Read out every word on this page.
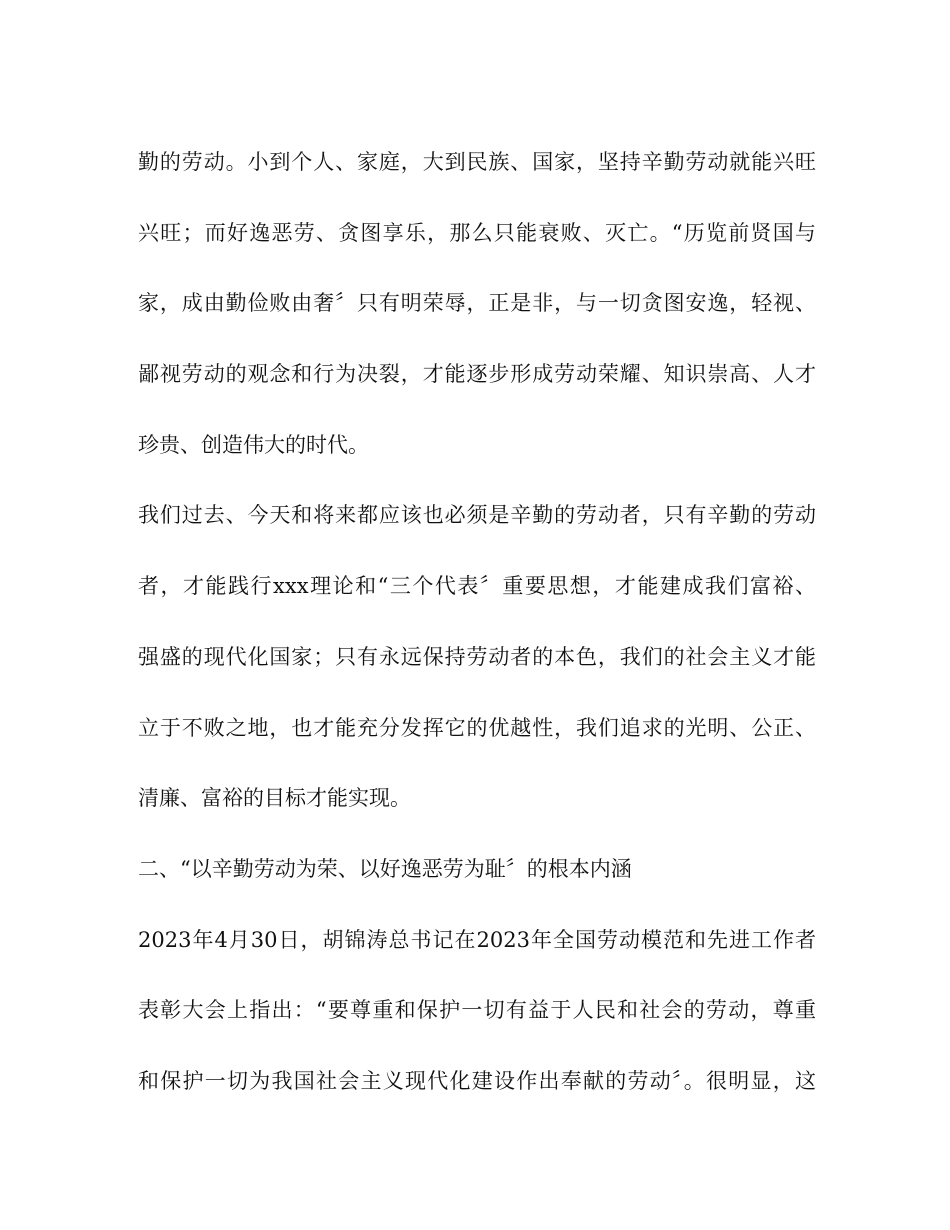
勤的劳动。小到个人、家庭，大到民族、国家，坚持辛勤劳动就能兴旺
兴旺；而好逸恶劳、贪图享乐，那么只能衰败、灭亡。“历览前贤国与
家，成由勤俭败由奢〞只有明荣辱，正是非，与一切贪图安逸，轻视、
鄙视劳动的观念和行为决裂，才能逐步形成劳动荣耀、知识崇高、人才
珍贵、创造伟大的时代。
我们过去、今天和将来都应该也必须是辛勤的劳动者，只有辛勤的劳动
者，才能践行xxx理论和“三个代表〞重要思想，才能建成我们富裕、
强盛的现代化国家；只有永远保持劳动者的本色，我们的社会主义才能
立于不败之地，也才能充分发挥它的优越性，我们追求的光明、公正、
清廉、富裕的目标才能实现。
二、“以辛勤劳动为荣、以好逸恶劳为耻〞的根本内涵
2023年4月30日，胡锦涛总书记在2023年全国劳动模范和先进工作者
表彰大会上指出：“要尊重和保护一切有益于人民和社会的劳动，尊重
和保护一切为我国社会主义现代化建设作出奉献的劳动〞。很明显，这
